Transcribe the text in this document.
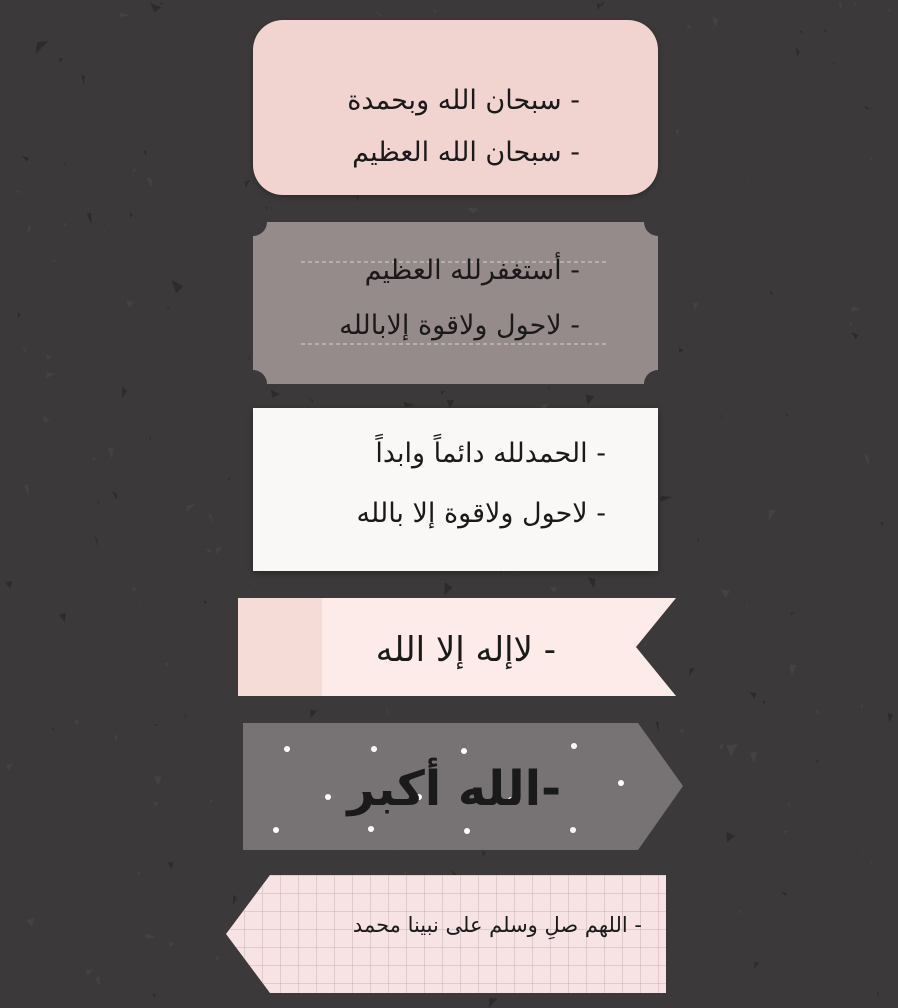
- سبحان الله وبحمدة
- سبحان الله العظيم
- أستغفرلله العظيم
- لاحول ولاقوة إلابالله
- الحمدلله دائماً وابداً
- لاحول ولاقوة إلا بالله
- لاإله إلا الله
-الله أكبر
- اللهم صلِ وسلم على نبينا محمد
